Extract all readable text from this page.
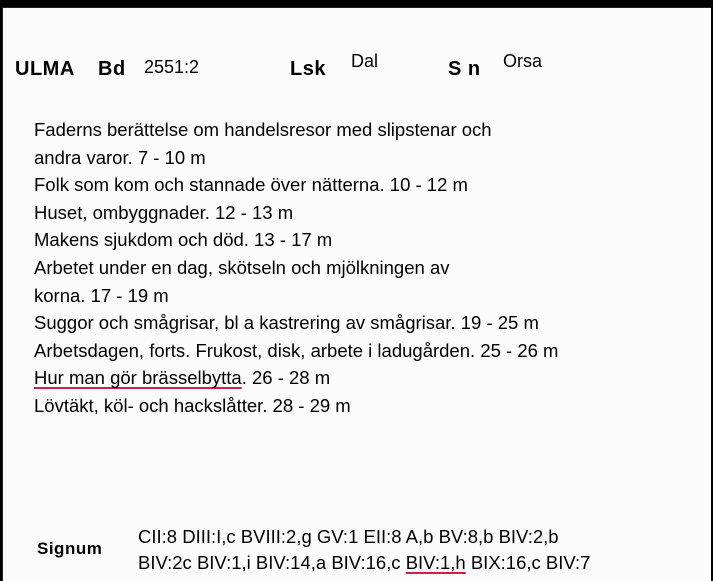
ULMA Bd 2551:2	Lsk Dal	S n Orsa
Faderns berättelse om handelsresor med slipstenar och
andra varor. 7 - 10 m
Folk som kom och stannade över nätterna. 10 - 12 m
Huset, ombyggnader. 12 - 13 m
Makens sjukdom och död. 13 - 17 m
Arbetet under en dag, skötseln och mjölkningen av
korna. 17 - 19 m
Suggor och smågrisar, bl a kastrering av smågrisar. 19 - 25 m
Arbetsdagen, forts. Frukost, disk, arbete i ladugården. 25 - 26 m
Hur man gör brässelbytta. 26 - 28 m
Lövtäkt, köl- och hackslåtter. 28 - 29 m
Signum
CII:8 DIII:I,c BVIII:2,g GV:1 EII:8 A,b BV:8,b BIV:2,b
BIV:2c BIV:1,i BIV:14,a BIV:16,c BIV:1,h BIX:16,c BIV:7
